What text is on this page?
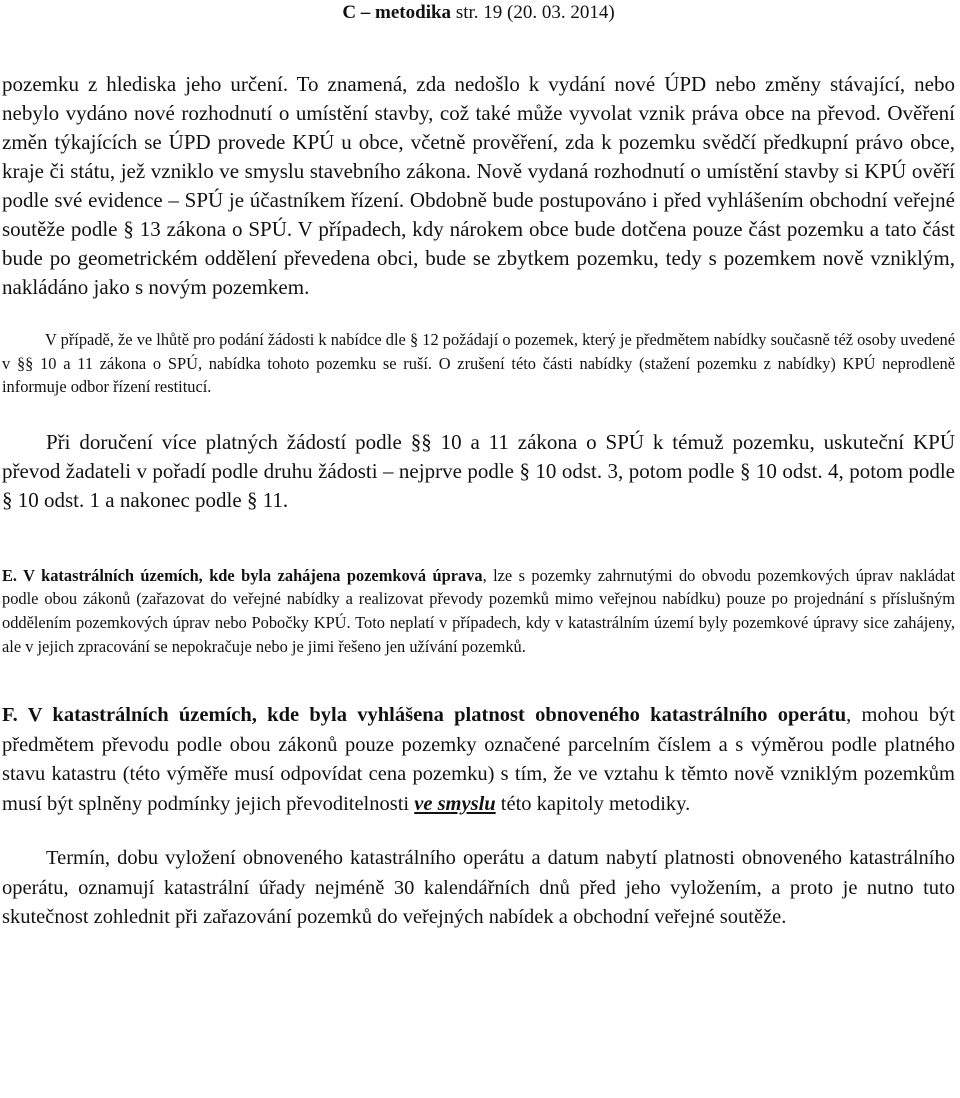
C – metodika str. 19 (20. 03. 2014)

pozemku z hlediska jeho určení. To znamená, zda nedošlo k vydání nové ÚPD nebo změny stávající, nebo nebylo vydáno nové rozhodnutí o umístění stavby, což také může vyvolat vznik práva obce na převod. Ověření změn týkajících se ÚPD provede KPÚ u obce, včetně prověření, zda k pozemku svědčí předkupní právo obce, kraje či státu, jež vzniklo ve smyslu stavebního zákona. Nově vydaná rozhodnutí o umístění stavby si KPÚ ověří podle své evidence – SPÚ je účastníkem řízení. Obdobně bude postupováno i před vyhlášením obchodní veřejné soutěže podle § 13 zákona o SPÚ. V případech, kdy nárokem obce bude dotčena pouze část pozemku a tato část bude po geometrickém oddělení převedena obci, bude se zbytkem pozemku, tedy s pozemkem nově vzniklým, nakládáno jako s novým pozemkem.

V případě, že ve lhůtě pro podání žádosti k nabídce dle § 12 požádají o pozemek, který je předmětem nabídky současně též osoby uvedené v §§ 10 a 11 zákona o SPÚ, nabídka tohoto pozemku se ruší. O zrušení této části nabídky (stažení pozemku z nabídky) KPÚ neprodleně informuje odbor řízení restitucí.

Při doručení více platných žádostí podle §§ 10 a 11 zákona o SPÚ k témuž pozemku, uskuteční KPÚ převod žadateli v pořadí podle druhu žádosti – nejprve podle § 10 odst. 3, potom podle § 10 odst. 4, potom podle § 10 odst. 1 a nakonec podle § 11.

E. V katastrálních územích, kde byla zahájena pozemková úprava, lze s pozemky zahrnutými do obvodu pozemkových úprav nakládat podle obou zákonů (zařazovat do veřejné nabídky a realizovat převody pozemků mimo veřejnou nabídku) pouze po projednání s příslušným oddělením pozemkových úprav nebo Pobočky KPÚ. Toto neplatí v případech, kdy v katastrálním území byly pozemkové úpravy sice zahájeny, ale v jejich zpracování se nepokračuje nebo je jimi řešeno jen užívání pozemků.

F. V katastrálních územích, kde byla vyhlášena platnost obnoveného katastrálního operátu, mohou být předmětem převodu podle obou zákonů pouze pozemky označené parcelním číslem a s výměrou podle platného stavu katastru (této výměře musí odpovídat cena pozemku) s tím, že ve vztahu k těmto nově vzniklým pozemkům musí být splněny podmínky jejich převoditelnosti ve smyslu této kapitoly metodiky.

Termín, dobu vyložení obnoveného katastrálního operátu a datum nabytí platnosti obnoveného katastrálního operátu, oznamují katastrální úřady nejméně 30 kalendářních dnů před jeho vyložením, a proto je nutno tuto skutečnost zohlednit při zařazování pozemků do veřejných nabídek a obchodní veřejné soutěže.
